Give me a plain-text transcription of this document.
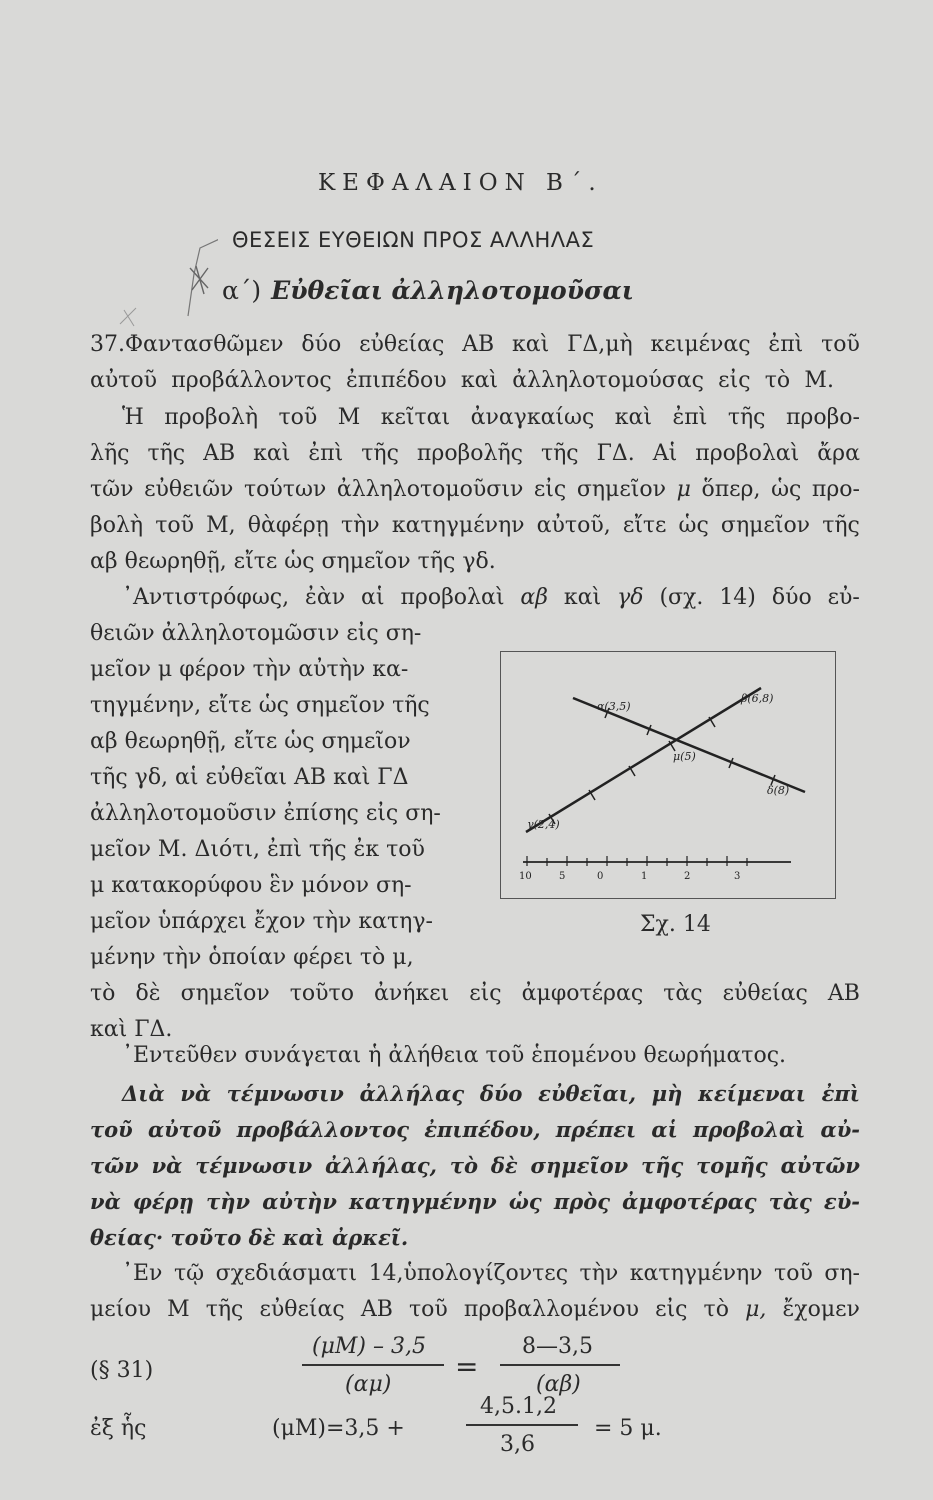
ΚΕΦΑΛΑΙΟΝ Β΄.
ΘΕΣΕΙΣ ΕΥΘΕΙΩΝ ΠΡΟΣ ΑΛΛΗΛΑΣ
α΄) Εὐθεῖαι ἀλληλοτομοῦσαι
37.Φαντασθῶμεν δύο εὐθείας ΑΒ καὶ ΓΔ,μὴ κειμένας ἐπὶ τοῦ
αὐτοῦ προβάλλοντος ἐπιπέδου καὶ ἀλληλοτομούσας εἰς τὸ Μ.
Ἡ προβολὴ τοῦ Μ κεῖται ἀναγκαίως καὶ ἐπὶ τῆς προβο-
λῆς τῆς ΑΒ καὶ ἐπὶ τῆς προβολῆς τῆς ΓΔ. Αἱ προβολαὶ ἄρα
τῶν εὐθειῶν τούτων ἀλληλοτομοῦσιν εἰς σημεῖον μ ὅπερ, ὡς προ-
βολὴ τοῦ Μ, θὰφέρῃ τὴν κατηγμένην αὐτοῦ, εἴτε ὡς σημεῖον τῆς
αβ θεωρηθῇ, εἴτε ὡς σημεῖον τῆς γδ.
᾿Αντιστρόφως, ἐὰν αἱ προβολαὶ αβ καὶ γδ (σχ. 14) δύο εὐ-
θειῶν ἀλληλοτομῶσιν εἰς ση-
μεῖον μ φέρον τὴν αὐτὴν κα-
τηγμένην, εἴτε ὡς σημεῖον τῆς
αβ θεωρηθῇ, εἴτε ὡς σημεῖον
τῆς γδ, αἱ εὐθεῖαι ΑΒ καὶ ΓΔ
ἀλληλοτομοῦσιν ἐπίσης εἰς ση-
μεῖον Μ. Διότι, ἐπὶ τῆς ἐκ τοῦ
μ κατακορύφου ἓν μόνον ση-
μεῖον ὑπάρχει ἔχον τὴν κατηγ-
μένην τὴν ὁποίαν φέρει τὸ μ,
τὸ δὲ σημεῖον τοῦτο ἀνήκει εἰς ἀμφοτέρας τὰς εὐθείας ΑΒ
καὶ ΓΔ.
α(3,5)
β(6,8)
γ(2,4)
δ(8)
μ(5)
10	5	0	1	2	3
Σχ. 14
᾿Εντεῦθεν συνάγεται ἡ ἀλήθεια τοῦ ἑπομένου θεωρήματος.
Διὰ νὰ τέμνωσιν ἀλλήλας δύο εὐθεῖαι, μὴ κείμεναι ἐπὶ
τοῦ αὐτοῦ προβάλλοντος ἐπιπέδου, πρέπει αἱ προβολαὶ αὐ-
τῶν νὰ τέμνωσιν ἀλλήλας, τὸ δὲ σημεῖον τῆς τομῆς αὐτῶν
νὰ φέρῃ τὴν αὐτὴν κατηγμένην ὡς πρὸς ἀμφοτέρας τὰς εὐ-
θείας· τοῦτο δὲ καὶ ἀρκεῖ.
᾿Εν τῷ σχεδιάσματι 14,ὑπολογίζοντες τὴν κατηγμένην τοῦ ση-
μείου Μ τῆς εὐθείας ΑΒ τοῦ προβαλλομένου εἰς τὸ μ, ἔχομεν
(§ 31)
(μΜ) – 3,5
(αμ)
=
8—3,5
(αβ)
ἐξ ἧς	(μΜ)=3,5 +
4,5.1,2
3,6
= 5 μ.
